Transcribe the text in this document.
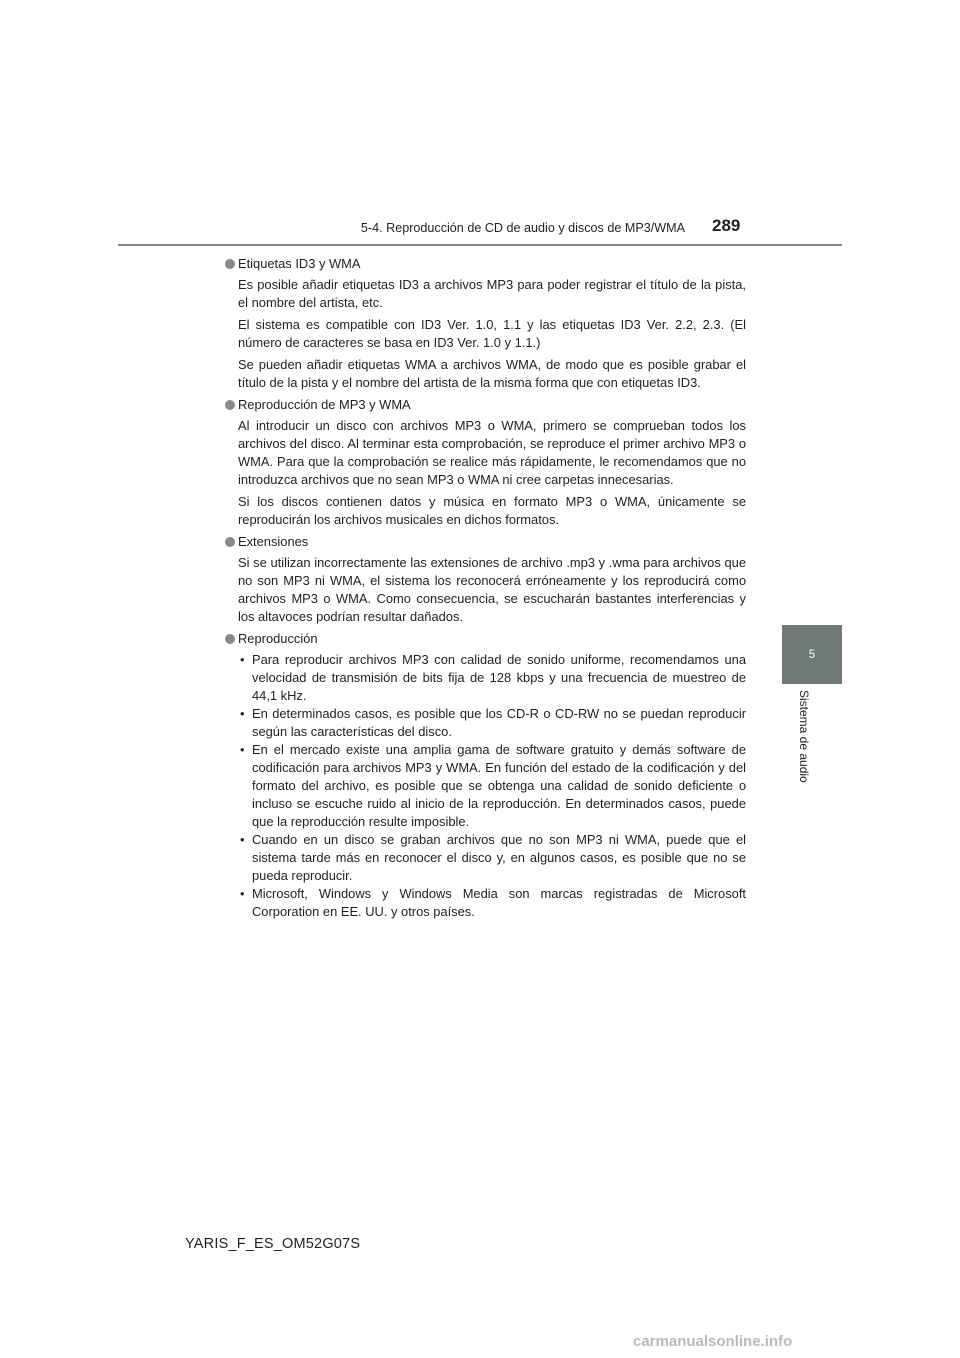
5-4. Reproducción de CD de audio y discos de MP3/WMA 289
5
Sistema de audio
Etiquetas ID3 y WMA

Es posible añadir etiquetas ID3 a archivos MP3 para poder registrar el título de la pista, el nombre del artista, etc.

El sistema es compatible con ID3 Ver. 1.0, 1.1 y las etiquetas ID3 Ver. 2.2, 2.3. (El número de caracteres se basa en ID3 Ver. 1.0 y 1.1.)

Se pueden añadir etiquetas WMA a archivos WMA, de modo que es posible grabar el título de la pista y el nombre del artista de la misma forma que con etiquetas ID3.

Reproducción de MP3 y WMA

Al introducir un disco con archivos MP3 o WMA, primero se comprueban todos los archivos del disco. Al terminar esta comprobación, se reproduce el primer archivo MP3 o WMA. Para que la comprobación se realice más rápidamente, le recomendamos que no introduzca archivos que no sean MP3 o WMA ni cree carpetas innecesarias.

Si los discos contienen datos y música en formato MP3 o WMA, únicamente se reproducirán los archivos musicales en dichos formatos.

Extensiones

Si se utilizan incorrectamente las extensiones de archivo .mp3 y .wma para archivos que no son MP3 ni WMA, el sistema los reconocerá erróneamente y los reproducirá como archivos MP3 o WMA. Como consecuencia, se escucharán bastantes interferencias y los altavoces podrían resultar dañados.

Reproducción
• Para reproducir archivos MP3 con calidad de sonido uniforme, recomendamos una velocidad de transmisión de bits fija de 128 kbps y una frecuencia de muestreo de 44,1 kHz.
• En determinados casos, es posible que los CD-R o CD-RW no se puedan reproducir según las características del disco.
• En el mercado existe una amplia gama de software gratuito y demás software de codificación para archivos MP3 y WMA. En función del estado de la codificación y del formato del archivo, es posible que se obtenga una calidad de sonido deficiente o incluso se escuche ruido al inicio de la reproducción. En determinados casos, puede que la reproducción resulte imposible.
• Cuando en un disco se graban archivos que no son MP3 ni WMA, puede que el sistema tarde más en reconocer el disco y, en algunos casos, es posible que no se pueda reproducir.
• Microsoft, Windows y Windows Media son marcas registradas de Microsoft Corporation en EE. UU. y otros países.
YARIS_F_ES_OM52G07S
carmanualsonline.info
